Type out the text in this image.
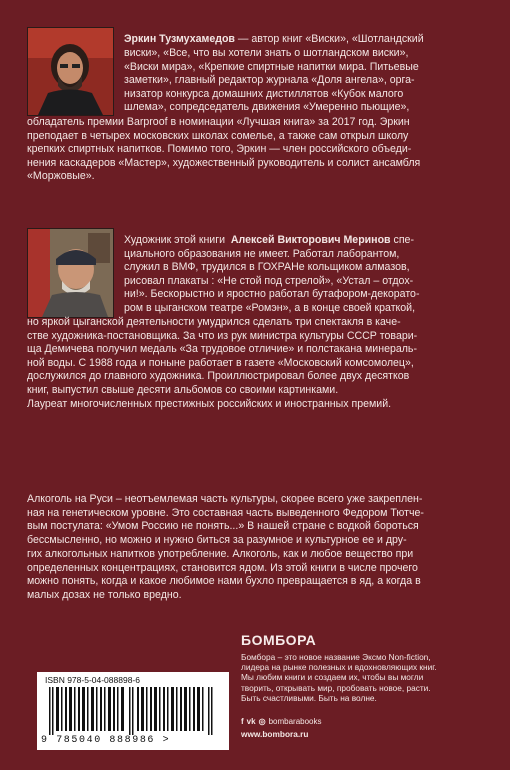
Эркин Тузмухамедов — автор книг «Виски», «Шотландский

виски», «Все, что вы хотели знать о шотландском виски»,
«Виски мира», «Крепкие спиртные напитки мира. Питьевые
заметки», главный редактор журнала «Доля ангела», орга-
низатор конкурса домашних дистиллятов «Кубок малого
шлема», сопредседатель движения «Умеренно пьющие»,

обладатель премии Barproof в номинации «Лучшая книга» за 2017 год. Эркин
преподает в четырех московских школах сомелье, а также сам открыл школу
крепких спиртных напитков. Помимо того, Эркин — член российского объеди-
нения каскадеров «Мастер», художественный руководитель и солист ансамбля
«Моржовые».

Художник этой книги Алексей Викторович Меринов спе-
циального образования не имеет. Работал лаборантом,
служил в ВМФ, трудился в ГОХРАНе кольщиком алмазов,
рисовал плакаты : «Не стой под стрелой», «Устал – отдох-
ни!». Бескорыстно и яростно работал бутафором-декорато-
ром в цыганском театре «Ромэн», а в конце своей краткой,

но яркой цыганской деятельности умудрился сделать три спектакля в каче-
стве художника-постановщика. За что из рук министра культуры СССР товари-
ща Демичева получил медаль «За трудовое отличие» и полстакана минераль-
ной воды. С 1988 года и поныне работает в газете «Московский комсомолец»,
дослужился до главного художника. Проиллюстрировал более двух десятков
книг, выпустил свыше десяти альбомов со своими картинками.
Лауреат многочисленных престижных российских и иностранных премий.

Алкоголь на Руси – неотъемлемая часть культуры, скорее всего уже закреплен-
ная на генетическом уровне. Это составная часть выведенного Федором Тютче-
вым постулата: «Умом Россию не понять...» В нашей стране с водкой бороться
бессмысленно, но можно и нужно биться за разумное и культурное ее и дру-
гих алкогольных напитков употребление. Алкоголь, как и любое вещество при
определенных концентрациях, становится ядом. Из этой книги в числе прочего
можно понять, когда и какое любимое нами бухло превращается в яд, а когда в
малых дозах не только вредно.

ISBN 978-5-04-088898-6
9 785040 888986 >
БОМБОРА

Бомбора – это новое название Эксмо Non-fiction,
лидера на рынке полезных и вдохновляющих книг.
Мы любим книги и создаем их, чтобы вы могли
творить, открывать мир, пробовать новое, расти.
Быть счастливыми. Быть на волне.

f vk ◎ bombarabooks
www.bombora.ru
